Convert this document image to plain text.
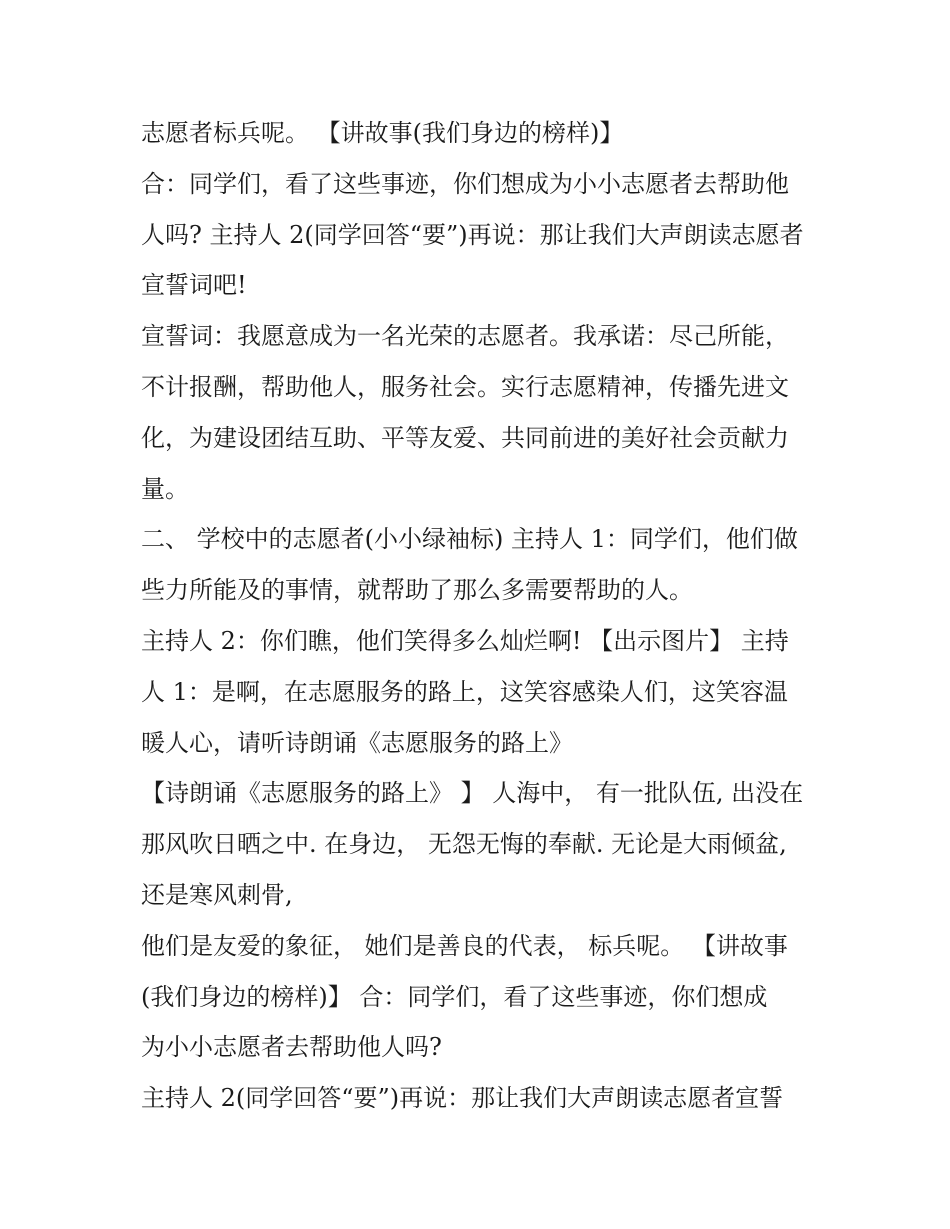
志愿者标兵呢。 【讲故事(我们身边的榜样)】
合：同学们，看了这些事迹，你们想成为小小志愿者去帮助他
人吗? 主持人 2(同学回答“要”)再说：那让我们大声朗读志愿者
宣誓词吧!
宣誓词：我愿意成为一名光荣的志愿者。我承诺：尽己所能，
不计报酬，帮助他人，服务社会。实行志愿精神，传播先进文
化，为建设团结互助、平等友爱、共同前进的美好社会贡献力
量。
二、 学校中的志愿者(小小绿袖标) 主持人 1：同学们，他们做
些力所能及的事情，就帮助了那么多需要帮助的人。
主持人 2：你们瞧，他们笑得多么灿烂啊! 【出示图片】 主持
人 1：是啊，在志愿服务的路上，这笑容感染人们，这笑容温
暖人心，请听诗朗诵《志愿服务的路上》
【诗朗诵《志愿服务的路上》 】 人海中， 有一批队伍, 出没在
那风吹日晒之中. 在身边， 无怨无悔的奉献. 无论是大雨倾盆,
还是寒风刺骨,
他们是友爱的象征， 她们是善良的代表， 标兵呢。 【讲故事
(我们身边的榜样)】 合：同学们，看了这些事迹，你们想成
为小小志愿者去帮助他人吗?
主持人 2(同学回答“要”)再说：那让我们大声朗读志愿者宣誓
